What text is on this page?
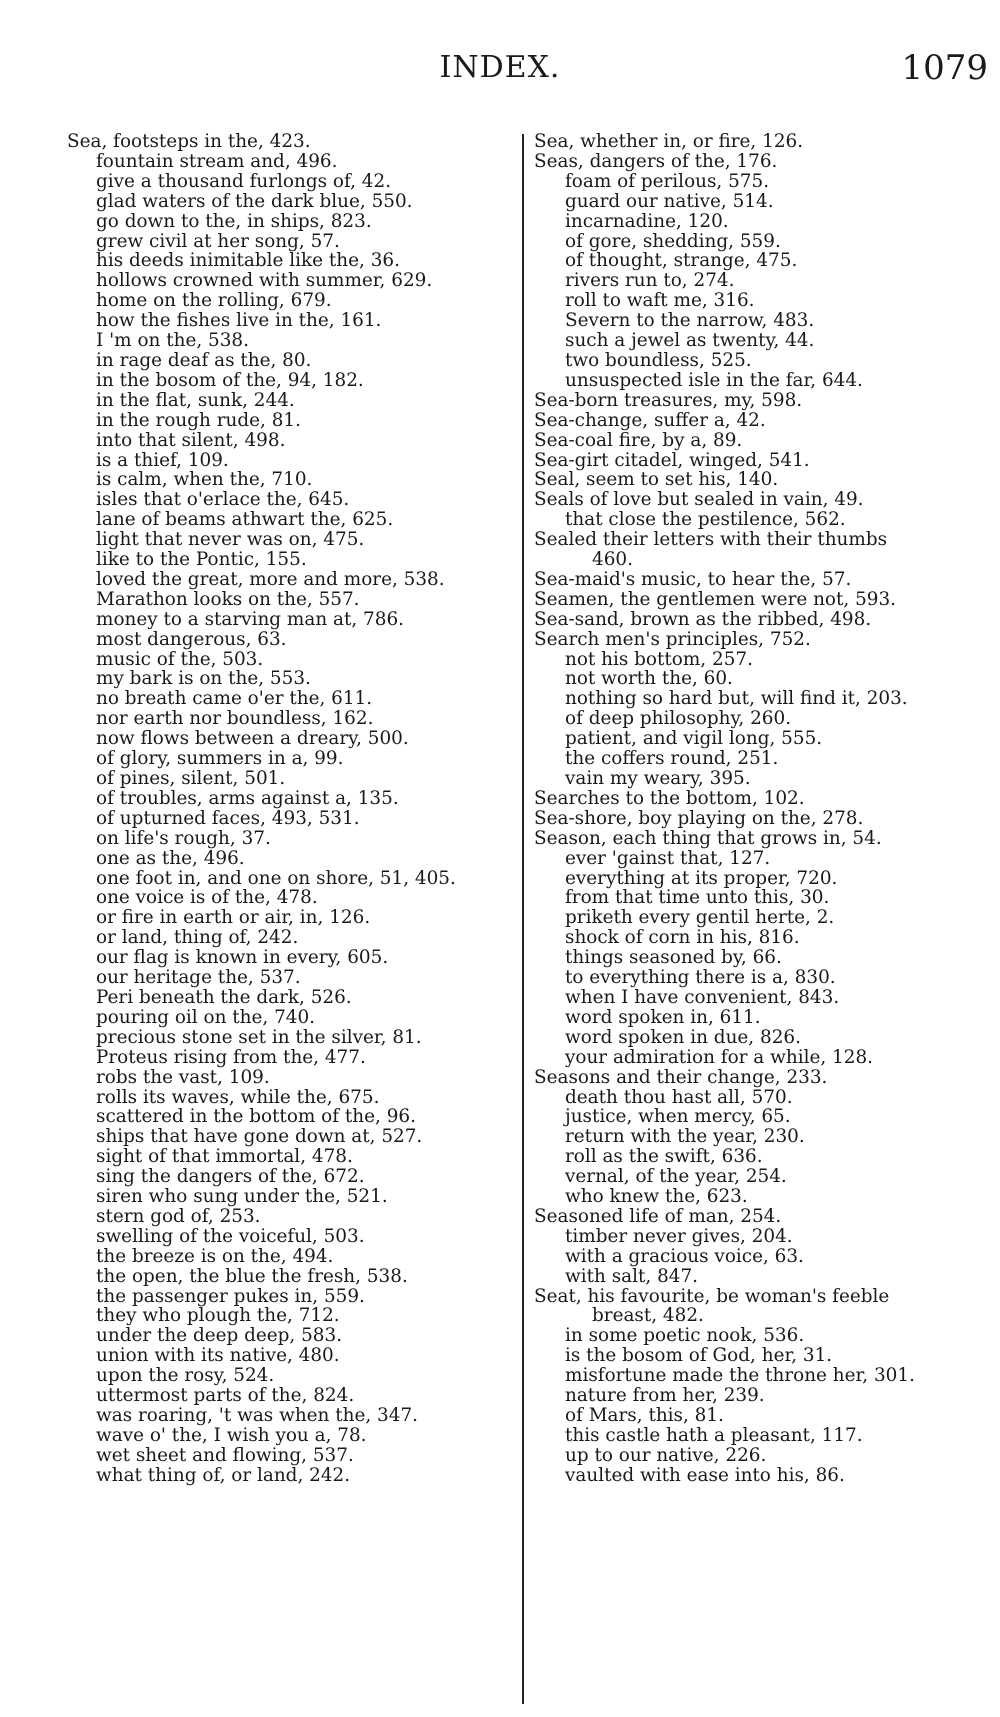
INDEX.	1079
Sea, footsteps in the, 423.
fountain stream and, 496.
give a thousand furlongs of, 42.
glad waters of the dark blue, 550.
go down to the, in ships, 823.
grew civil at her song, 57.
his deeds inimitable like the, 36.
hollows crowned with summer, 629.
home on the rolling, 679.
how the fishes live in the, 161.
I 'm on the, 538.
in rage deaf as the, 80.
in the bosom of the, 94, 182.
in the flat, sunk, 244.
in the rough rude, 81.
into that silent, 498.
is a thief, 109.
is calm, when the, 710.
isles that o'erlace the, 645.
lane of beams athwart the, 625.
light that never was on, 475.
like to the Pontic, 155.
loved the great, more and more, 538.
Marathon looks on the, 557.
money to a starving man at, 786.
most dangerous, 63.
music of the, 503.
my bark is on the, 553.
no breath came o'er the, 611.
nor earth nor boundless, 162.
now flows between a dreary, 500.
of glory, summers in a, 99.
of pines, silent, 501.
of troubles, arms against a, 135.
of upturned faces, 493, 531.
on life's rough, 37.
one as the, 496.
one foot in, and one on shore, 51, 405.
one voice is of the, 478.
or fire in earth or air, in, 126.
or land, thing of, 242.
our flag is known in every, 605.
our heritage the, 537.
Peri beneath the dark, 526.
pouring oil on the, 740.
precious stone set in the silver, 81.
Proteus rising from the, 477.
robs the vast, 109.
rolls its waves, while the, 675.
scattered in the bottom of the, 96.
ships that have gone down at, 527.
sight of that immortal, 478.
sing the dangers of the, 672.
siren who sung under the, 521.
stern god of, 253.
swelling of the voiceful, 503.
the breeze is on the, 494.
the open, the blue the fresh, 538.
the passenger pukes in, 559.
they who plough the, 712.
under the deep deep, 583.
union with its native, 480.
upon the rosy, 524.
uttermost parts of the, 824.
was roaring, 't was when the, 347.
wave o' the, I wish you a, 78.
wet sheet and flowing, 537.
what thing of, or land, 242.
Sea, whether in, or fire, 126.
Seas, dangers of the, 176.
foam of perilous, 575.
guard our native, 514.
incarnadine, 120.
of gore, shedding, 559.
of thought, strange, 475.
rivers run to, 274.
roll to waft me, 316.
Severn to the narrow, 483.
such a jewel as twenty, 44.
two boundless, 525.
unsuspected isle in the far, 644.
Sea-born treasures, my, 598.
Sea-change, suffer a, 42.
Sea-coal fire, by a, 89.
Sea-girt citadel, winged, 541.
Seal, seem to set his, 140.
Seals of love but sealed in vain, 49.
that close the pestilence, 562.
Sealed their letters with their thumbs
460.
Sea-maid's music, to hear the, 57.
Seamen, the gentlemen were not, 593.
Sea-sand, brown as the ribbed, 498.
Search men's principles, 752.
not his bottom, 257.
not worth the, 60.
nothing so hard but, will find it, 203.
of deep philosophy, 260.
patient, and vigil long, 555.
the coffers round, 251.
vain my weary, 395.
Searches to the bottom, 102.
Sea-shore, boy playing on the, 278.
Season, each thing that grows in, 54.
ever 'gainst that, 127.
everything at its proper, 720.
from that time unto this, 30.
priketh every gentil herte, 2.
shock of corn in his, 816.
things seasoned by, 66.
to everything there is a, 830.
when I have convenient, 843.
word spoken in, 611.
word spoken in due, 826.
your admiration for a while, 128.
Seasons and their change, 233.
death thou hast all, 570.
justice, when mercy, 65.
return with the year, 230.
roll as the swift, 636.
vernal, of the year, 254.
who knew the, 623.
Seasoned life of man, 254.
timber never gives, 204.
with a gracious voice, 63.
with salt, 847.
Seat, his favourite, be woman's feeble
breast, 482.
in some poetic nook, 536.
is the bosom of God, her, 31.
misfortune made the throne her, 301.
nature from her, 239.
of Mars, this, 81.
this castle hath a pleasant, 117.
up to our native, 226.
vaulted with ease into his, 86.
